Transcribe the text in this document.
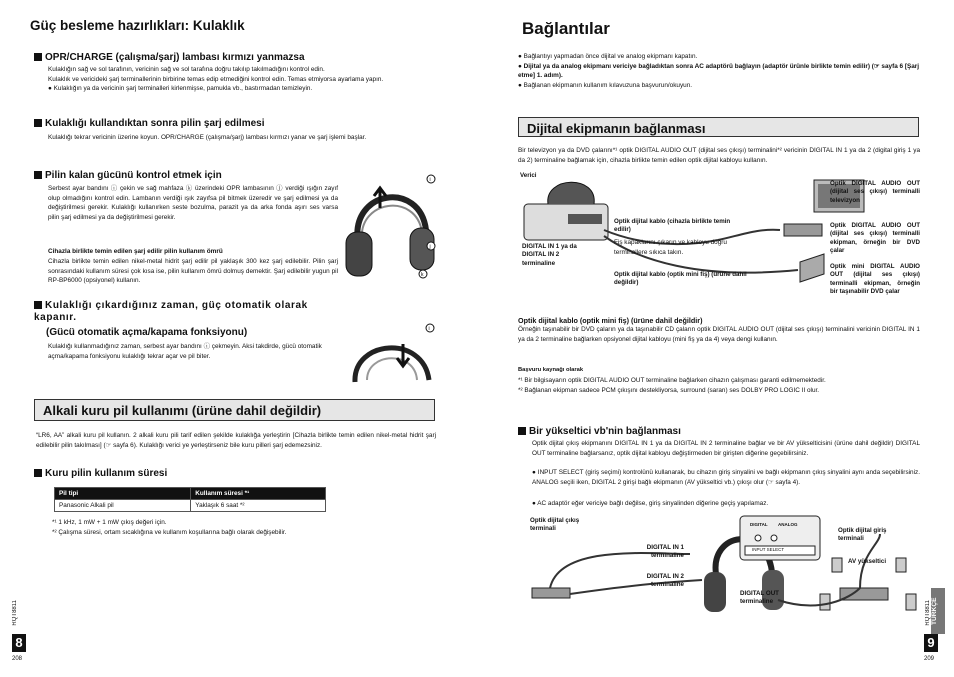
Güç besleme hazırlıkları: Kulaklık
OPR/CHARGE (çalışma/şarj) lambası kırmızı yanmazsa
Kulaklığın sağ ve sol tarafının, vericinin sağ ve sol tarafına doğru takılıp takılmadığını kontrol edin.
Kulaklık ve vericideki şarj terminallerinin birbirine temas edip etmediğini kontrol edin. Temas etmiyorsa ayarlama yapın.
● Kulaklığın ya da vericinin şarj terminalleri kirlenmişse, pamukla vb., bastırmadan temizleyin.
Kulaklığı kullandıktan sonra pilin şarj edilmesi
Kulaklığı tekrar vericinin üzerine koyun. OPR/CHARGE (çalışma/şarj) lambası kırmızı yanar ve şarj işlemi başlar.
Pilin kalan gücünü kontrol etmek için
Serbest ayar bandını ⓘ çekin ve sağ mahfaza ⓚ üzerindeki OPR lambasının ⓙ verdiği ışığın zayıf olup olmadığını kontrol edin. Lambanın verdiği ışık zayıfsa pil bitmek üzeredir ve şarj edilmesi ya da değiştirilmesi gerekir. Kulaklığı kullanırken seste bozulma, parazit ya da arka fonda aşırı ses varsa pilin şarj edilmesi ya da değiştirilmesi gerekir.
Cihazla birlikte temin edilen şarj edilir pilin kullanım ömrü
Cihazla birlikte temin edilen nikel-metal hidrit şarj edilir pil yaklaşık 300 kez şarj edilebilir. Pilin şarj sonrasındaki kullanım süresi çok kısa ise, pilin kullanım ömrü dolmuş demektir. Şarj edilebilir yugun pil RP-BP6000 (opsiyonel) kullanın.
i
j
k
Kulaklığı çıkardığınız zaman, güç otomatik olarak kapanır.
(Gücü otomatik açma/kapama fonksiyonu)
Kulaklığı kullanmadığınız zaman, serbest ayar bandını ⓘ çekmeyin. Aksi takdirde, gücü otomatik açma/kapama fonksiyonu kulaklığı tekrar açar ve pil biter.
i
Alkali kuru pil kullanımı (ürüne dahil değildir)
“LR6, AA” alkali kuru pil kullanın. 2 alkali kuru pili tarif edilen şekilde kulaklığa yerleştirin [Cihazla birlikte temin edilen nikel-metal hidrit şarj edilebilir pilin takılması] (☞ sayfa 6). Kulaklığı verici ye yerleştirseniz bile kuru pilleri şarj edemezsiniz.
Kuru pilin kullanım süresi
Pil tipi	Kullanım süresi *¹
Panasonic Alkali pil	Yaklaşık 6 saat *²
*¹ 1 kHz, 1 mW + 1 mW çıkış değeri için.
*² Çalışma süresi, ortam sıcaklığına ve kullanım koşullarına bağlı olarak değişebilir.
RQT8811
8
208
Bağlantılar
● Bağlantıyı yapmadan önce dijital ve analog ekipmanı kapatın.
● Dijital ya da analog ekipmanı vericiye bağladıktan sonra AC adaptörü bağlayın (adaptör ürünle birlikte temin edilir) (☞ sayfa 6 [Şarj etme] 1. adım).
● Bağlanan ekipmanın kullanım kılavuzuna başvurun/okuyun.
Dijital ekipmanın bağlanması
Bir televizyon ya da DVD çalarını*¹ optik DIGITAL AUDIO OUT (dijital ses çıkışı) terminalini*² vericinin DIGITAL IN 1 ya da 2 (digital giriş 1 ya da 2) terminaline bağlamak için, cihazla birlikte temin edilen optik dijital kabloyu kullanın.
Verici
DIGITAL IN 1 ya da DIGITAL IN 2 terminaline
Optik dijital kablo (cihazla birlikte temin edilir)
Fiş kapaklarını çıkarın ve kabloyu doğru terminallere sıkıca takın.
Optik dijital kablo (optik mini fiş) (ürüne dahil değildir)
Optik DIGITAL AUDIO OUT (dijital ses çıkışı) terminalli televizyon
Optik DIGITAL AUDIO OUT (dijital ses çıkışı) terminalli ekipman, örneğin bir DVD çalar
Optik mini DIGITAL AUDIO OUT (dijital ses çıkışı) terminalli ekipman, örneğin bir taşınabilir DVD çalar
Optik dijital kablo (optik mini fiş) (ürüne dahil değildir)
Örneğin taşınabilir bir DVD çaların ya da taşınabilir CD çaların optik DIGITAL AUDIO OUT (dijital ses çıkışı) terminalini vericinin DIGITAL IN 1 ya da 2 terminaline bağlarken opsiyonel dijital kabloyu (mini fiş ya da 4) veya dengi kullanın.
Başvuru kaynağı olarak
*¹ Bir bilgisayarın optik DIGITAL AUDIO OUT terminaline bağlarken cihazın çalışması garanti edilmemektedir.
*² Bağlanan ekipman sadece PCM çıkışını destekliyorsa, surround (saran) ses DOLBY PRO LOGIC II olur.
Bir yükseltici vb'nin bağlanması
Optik dijital çıkış ekipmanını DIGITAL IN 1 ya da DIGITAL IN 2 terminaline bağlar ve bir AV yükselticisini (ürüne dahil değildir) DIGITAL OUT terminaline bağlarsanız, optik dijital kabloyu değiştirmeden bir girişten diğerine geçebilirsiniz.
● INPUT SELECT (giriş seçimi) kontrolünü kullanarak, bu cihazın giriş sinyalini ve bağlı ekipmanın çıkış sinyalini aynı anda seçebilirsiniz. ANALOG seçili iken, DIGITAL 2 girişi bağlı ekipmanın (AV yükseltici vb.) çıkışı olur (☞ sayfa 4).
● AC adaptör eğer vericiye bağlı değilse, giriş sinyalinden diğerine geçiş yapılamaz.
Optik dijital çıkış terminali
DIGITAL IN 1 terminaline
DIGITAL IN 2 terminaline
DIGITAL OUT terminaline
Optik dijital giriş terminali
AV yükseltici
DIGITAL ANALOG
INPUT SELECT
TÜRKÇE
RQT8811
9
209
